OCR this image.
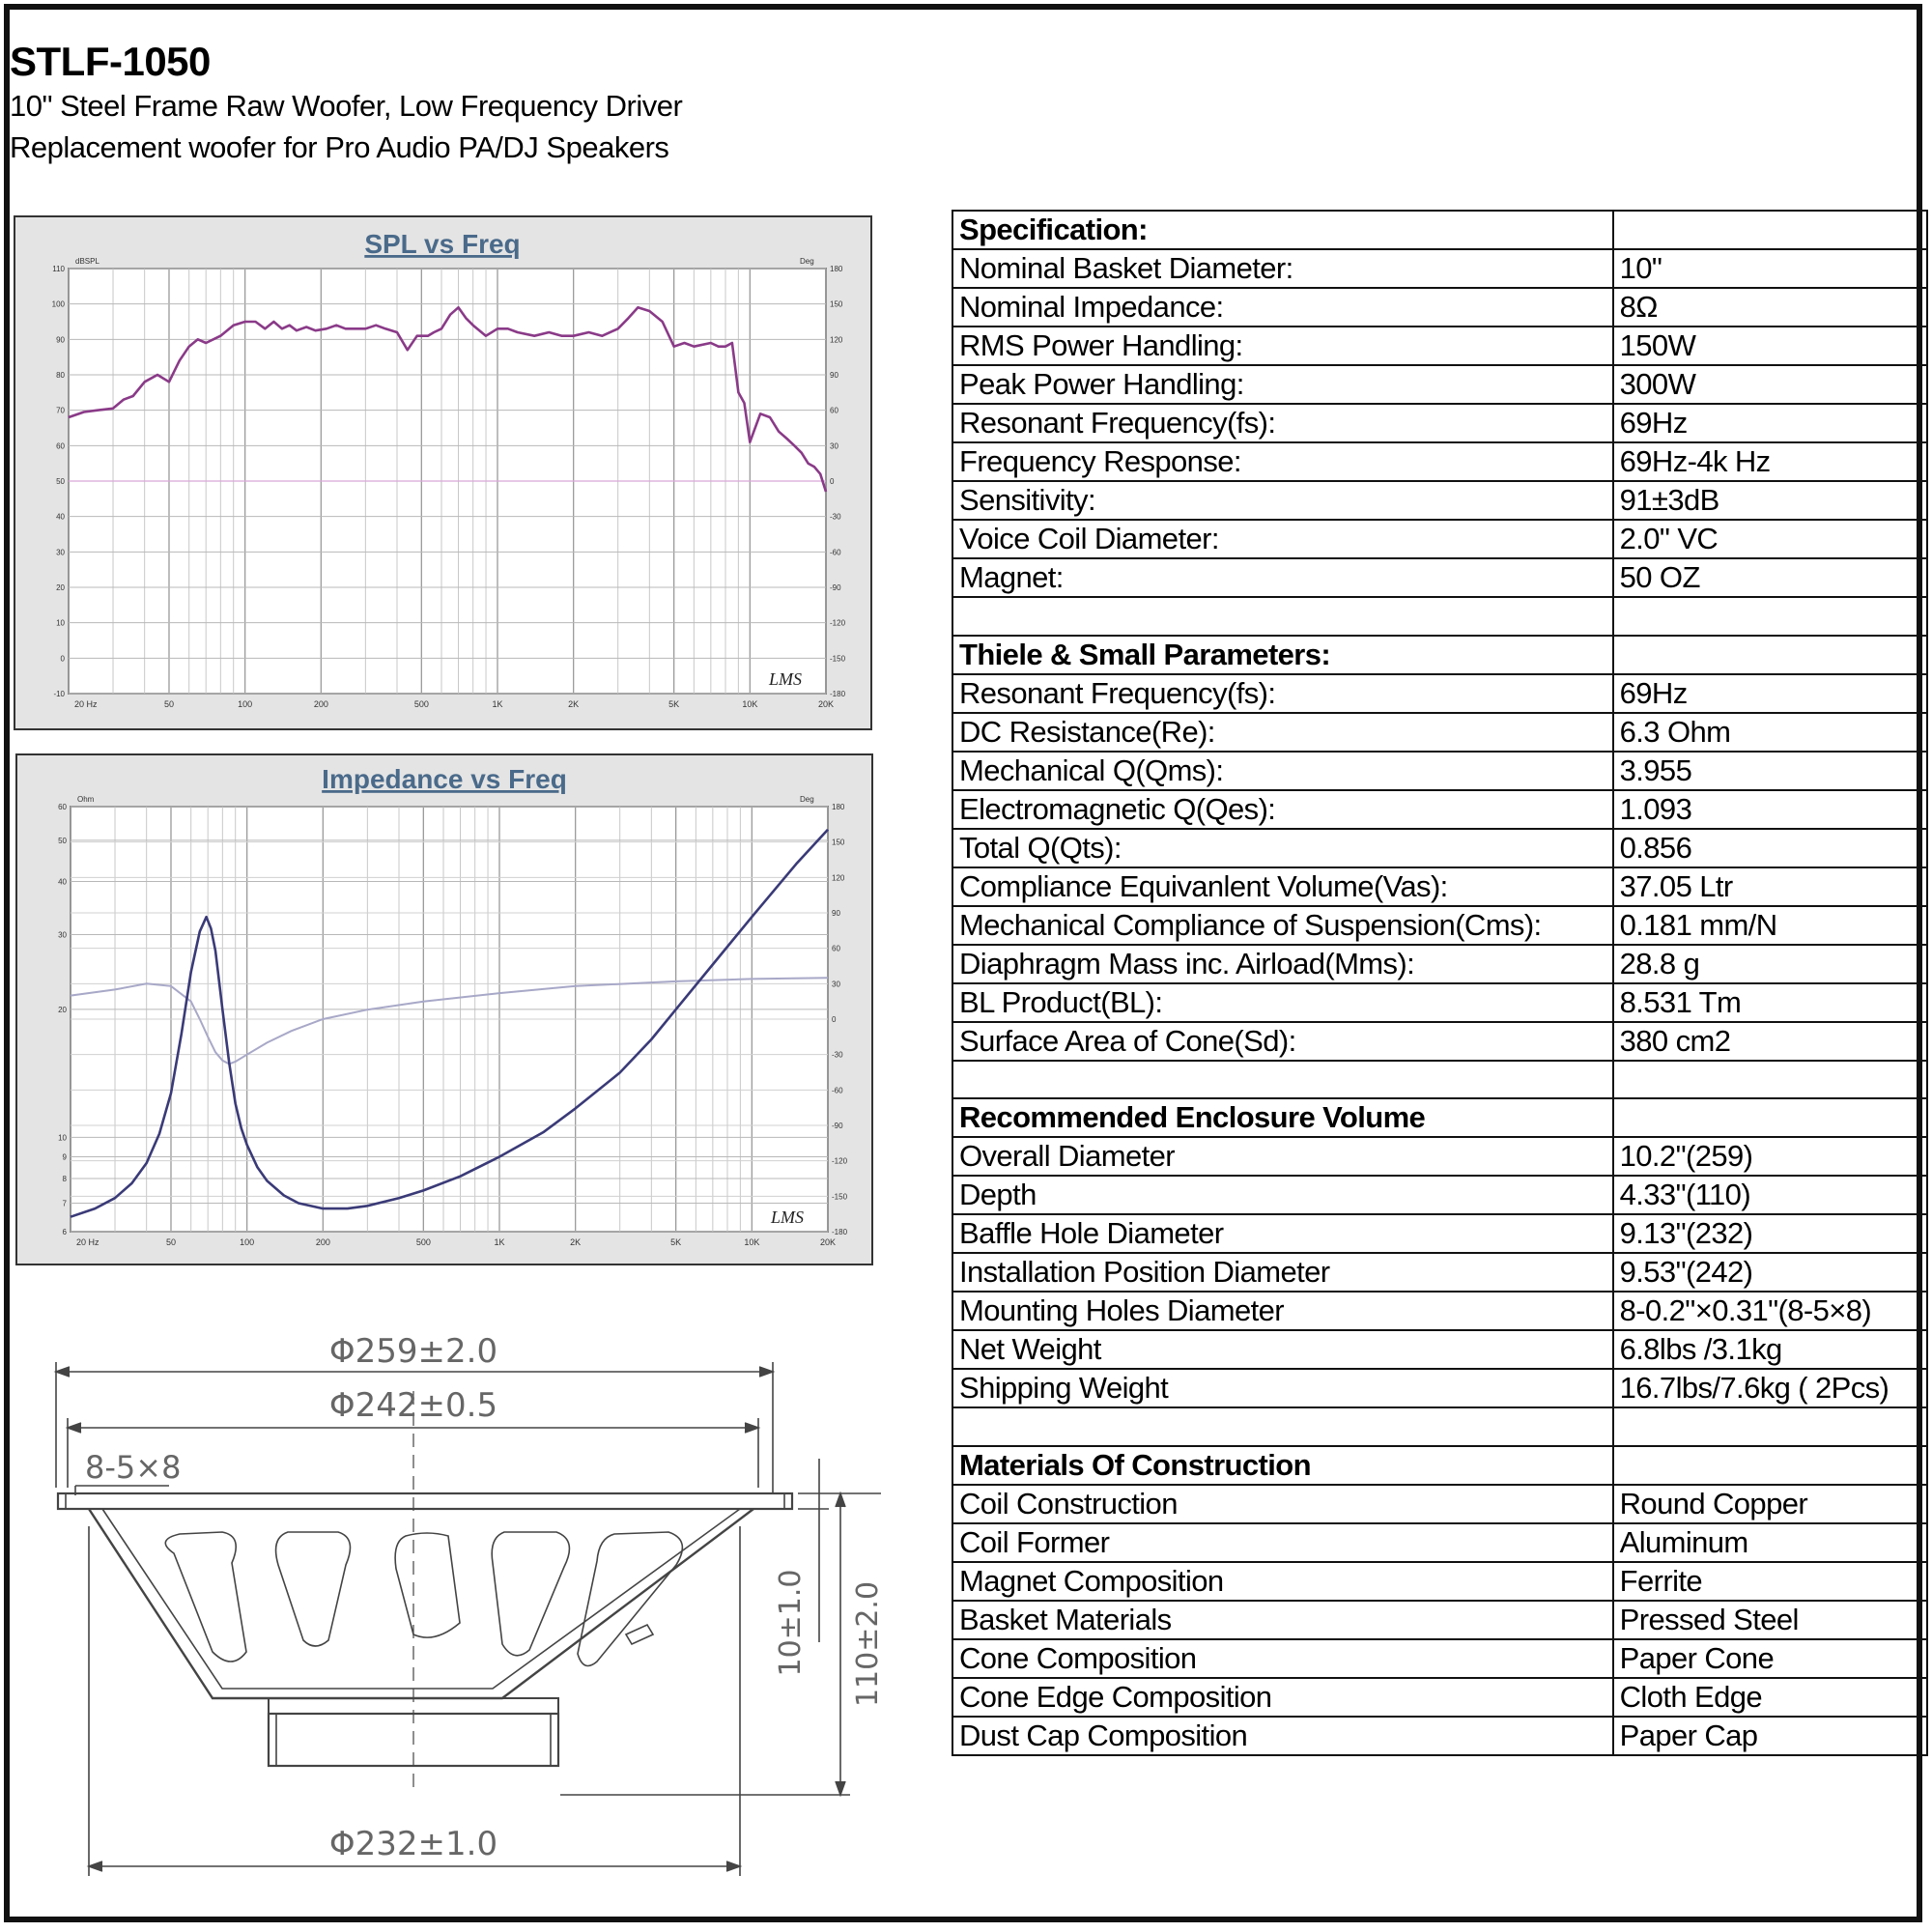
STLF-1050
10" Steel Frame Raw Woofer, Low Frequency Driver
Replacement woofer for Pro Audio PA/DJ Speakers
SPL vs Freq
dBSPL	Deg
110
100
90
80
70
60
50
40
30
20
10
0
-10
180
150
120
90
60
30
0
-30
-60
-90
-120
-150
-180
20 Hz	50	100	200	500	1K	2K	5K	10K	20K
LMS
Impedance vs Freq
Ohm	Deg
60
50
40
30
20
10
9
8
7
6
180
150
120
90
60
30
0
-30
-60
-90
-120
-150
-180
20 Hz	50	100	200	500	1K	2K	5K	10K	20K
LMS
Φ259±2.0
Φ242±0.5
8-5×8
Φ232±1.0
10±1.0 110±2.0
Specification:	
Nominal Basket Diameter:	10"
Nominal Impedance:	8Ω
RMS Power Handling:	150W
Peak Power Handling:	300W
Resonant Frequency(fs):	69Hz
Frequency Response:	69Hz-4k Hz
Sensitivity:	91±3dB
Voice Coil Diameter:	2.0" VC
Magnet:	50 OZ

Thiele & Small Parameters:	
Resonant Frequency(fs):	69Hz
DC Resistance(Re):	6.3 Ohm
Mechanical Q(Qms):	3.955
Electromagnetic Q(Qes):	1.093
Total Q(Qts):	0.856
Compliance Equivanlent Volume(Vas):	37.05 Ltr
Mechanical Compliance of Suspension(Cms):	0.181 mm/N
Diaphragm Mass inc. Airload(Mms):	28.8 g
BL Product(BL):	8.531 Tm
Surface Area of Cone(Sd):	380 cm2

Recommended Enclosure Volume	
Overall Diameter	10.2"(259)
Depth	4.33"(110)
Baffle Hole Diameter	9.13"(232)
Installation Position Diameter	9.53"(242)
Mounting Holes Diameter	8-0.2"×0.31"(8-5×8)
Net Weight	6.8lbs /3.1kg
Shipping Weight	16.7lbs/7.6kg ( 2Pcs)

Materials Of Construction	
Coil Construction	Round Copper
Coil Former	Aluminum
Magnet Composition	Ferrite
Basket Materials	Pressed Steel
Cone Composition	Paper Cone
Cone Edge Composition	Cloth Edge
Dust Cap Composition	Paper Cap
